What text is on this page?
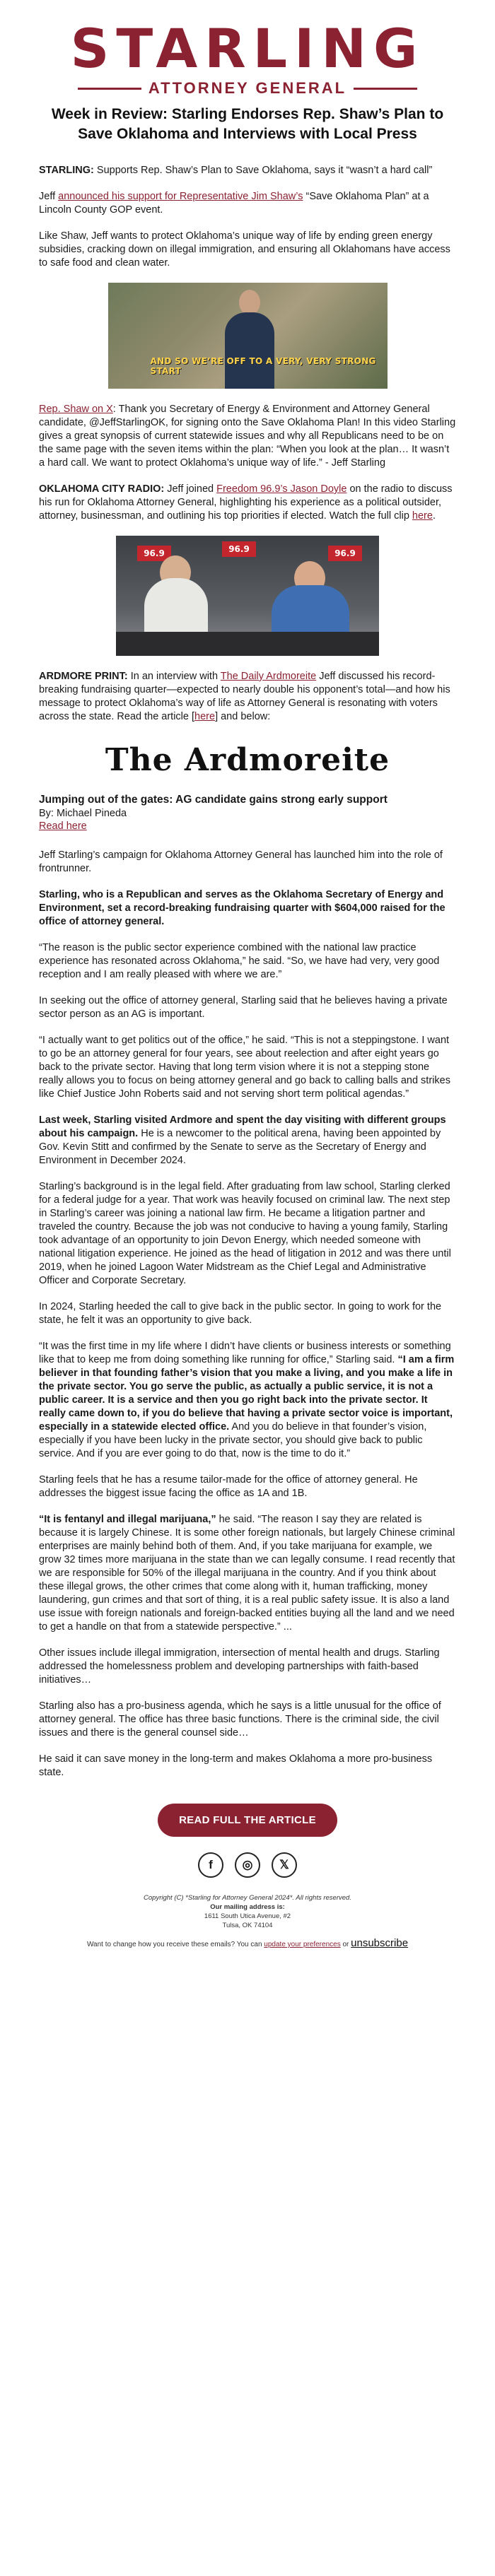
STARLING
ATTORNEY GENERAL
Week in Review: Starling Endorses Rep. Shaw’s Plan to Save Oklahoma and Interviews with Local Press

STARLING: Supports Rep. Shaw’s Plan to Save Oklahoma, says it “wasn’t a hard call”

Jeff announced his support for Representative Jim Shaw’s “Save Oklahoma Plan” at a Lincoln County GOP event.

Like Shaw, Jeff wants to protect Oklahoma’s unique way of life by ending green energy subsidies, cracking down on illegal immigration, and ensuring all Oklahomans have access to safe food and clean water.

AND SO WE’RE OFF TO A VERY, VERY STRONG START

Rep. Shaw on X: Thank you Secretary of Energy & Environment and Attorney General candidate, @JeffStarlingOK, for signing onto the Save Oklahoma Plan! In this video Starling gives a great synopsis of current statewide issues and why all Republicans need to be on the same page with the seven items within the plan: “When you look at the plan… It wasn’t a hard call. We want to protect Oklahoma’s unique way of life.” - Jeff Starling

OKLAHOMA CITY RADIO: Jeff joined Freedom 96.9’s Jason Doyle on the radio to discuss his run for Oklahoma Attorney General, highlighting his experience as a political outsider, attorney, businessman, and outlining his top priorities if elected. Watch the full clip here.

96.9	96.9	96.9

ARDMORE PRINT: In an interview with The Daily Ardmoreite Jeff discussed his record-breaking fundraising quarter—expected to nearly double his opponent’s total—and how his message to protect Oklahoma’s way of life as Attorney General is resonating with voters across the state. Read the article [here] and below:

The Ardmoreite
Jumping out of the gates: AG candidate gains strong early support
By: Michael Pineda
Read here

Jeff Starling’s campaign for Oklahoma Attorney General has launched him into the role of frontrunner.

Starling, who is a Republican and serves as the Oklahoma Secretary of Energy and Environment, set a record-breaking fundraising quarter with $604,000 raised for the office of attorney general.

“The reason is the public sector experience combined with the national law practice experience has resonated across Oklahoma,” he said. “So, we have had very, very good reception and I am really pleased with where we are.”

In seeking out the office of attorney general, Starling said that he believes having a private sector person as an AG is important.

“I actually want to get politics out of the office,” he said. “This is not a steppingstone. I want to go be an attorney general for four years, see about reelection and after eight years go back to the private sector. Having that long term vision where it is not a stepping stone really allows you to focus on being attorney general and go back to calling balls and strikes like Chief Justice John Roberts said and not serving short term political agendas.”

Last week, Starling visited Ardmore and spent the day visiting with different groups about his campaign. He is a newcomer to the political arena, having been appointed by Gov. Kevin Stitt and confirmed by the Senate to serve as the Secretary of Energy and Environment in December 2024.

Starling’s background is in the legal field. After graduating from law school, Starling clerked for a federal judge for a year. That work was heavily focused on criminal law. The next step in Starling’s career was joining a national law firm. He became a litigation partner and traveled the country. Because the job was not conducive to having a young family, Starling took advantage of an opportunity to join Devon Energy, which needed someone with national litigation experience. He joined as the head of litigation in 2012 and was there until 2019, when he joined Lagoon Water Midstream as the Chief Legal and Administrative Officer and Corporate Secretary.

In 2024, Starling heeded the call to give back in the public sector. In going to work for the state, he felt it was an opportunity to give back.

“It was the first time in my life where I didn’t have clients or business interests or something like that to keep me from doing something like running for office,” Starling said. “I am a firm believer in that founding father’s vision that you make a living, and you make a life in the private sector. You go serve the public, as actually a public service, it is not a public career. It is a service and then you go right back into the private sector. It really came down to, if you do believe that having a private sector voice is important, especially in a statewide elected office. And you do believe in that founder’s vision, especially if you have been lucky in the private sector, you should give back to public service. And if you are ever going to do that, now is the time to do it.”

Starling feels that he has a resume tailor-made for the office of attorney general. He addresses the biggest issue facing the office as 1A and 1B.

“It is fentanyl and illegal marijuana,” he said. “The reason I say they are related is because it is largely Chinese. It is some other foreign nationals, but largely Chinese criminal enterprises are mainly behind both of them. And, if you take marijuana for example, we grow 32 times more marijuana in the state than we can legally consume. I read recently that we are responsible for 50% of the illegal marijuana in the country. And if you think about these illegal grows, the other crimes that come along with it, human trafficking, money laundering, gun crimes and that sort of thing, it is a real public safety issue. It is also a land use issue with foreign nationals and foreign-backed entities buying all the land and we need to get a handle on that from a statewide perspective.” ...

Other issues include illegal immigration, intersection of mental health and drugs. Starling addressed the homelessness problem and developing partnerships with faith-based initiatives…

Starling also has a pro-business agenda, which he says is a little unusual for the office of attorney general. The office has three basic functions. There is the criminal side, the civil issues and there is the general counsel side…

He said it can save money in the long-term and makes Oklahoma a more pro-business state.

READ FULL THE ARTICLE
f	◎	𝕏
Copyright (C) *Starling for Attorney General 2024*. All rights reserved.
Our mailing address is:
1611 South Utica Avenue, #2
Tulsa, OK 74104
Want to change how you receive these emails? You can update your preferences or unsubscribe
